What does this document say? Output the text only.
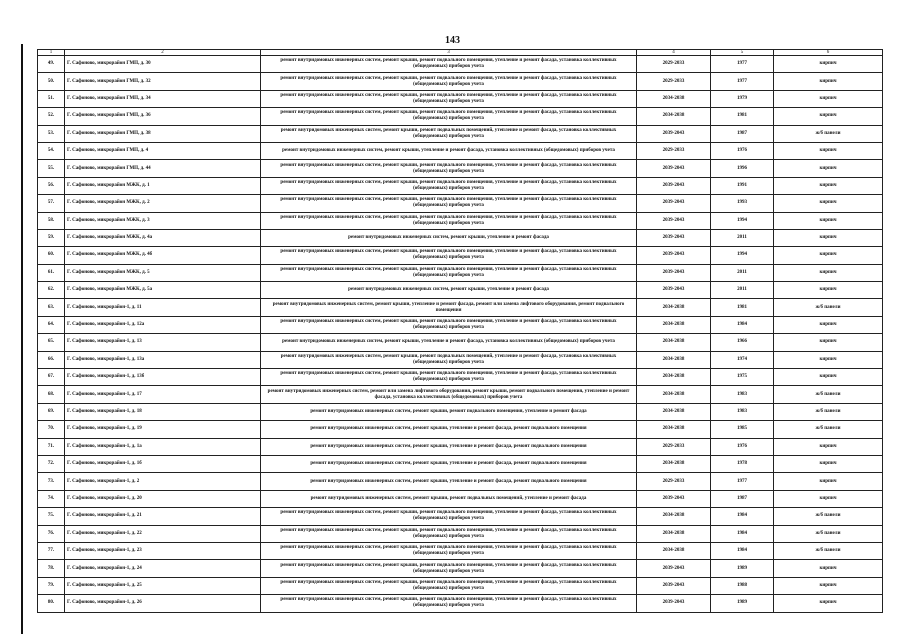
143
1	2	3	4	5	6
49.	Г. Сафоново, микрорайон ГМП, д. 30	ремонт внутридомовых инженерных систем, ремонт крыши, ремонт подвального помещения, утепление и ремонт фасада, установка коллективных (общедомовых) приборов учета	2029-2033	1977	кирпич
50.	Г. Сафоново, микрорайон ГМП, д. 32	ремонт внутридомовых инженерных систем, ремонт крыши, ремонт подвального помещения, утепление и ремонт фасада, установка коллективных (общедомовых) приборов учета	2029-2033	1977	кирпич
51.	Г. Сафоново, микрорайон ГМП, д. 34	ремонт внутридомовых инженерных систем, ремонт крыши, ремонт подвального помещения, утепление и ремонт фасада, установка коллективных (общедомовых) приборов учета	2034-2038	1979	кирпич
52.	Г. Сафоново, микрорайон ГМП, д. 36	ремонт внутридомовых инженерных систем, ремонт крыши, ремонт подвального помещения, утепление и ремонт фасада, установка коллективных (общедомовых) приборов учета	2034-2038	1981	кирпич
53.	Г. Сафоново, микрорайон ГМП, д. 38	ремонт внутридомовых инженерных систем, ремонт крыши, ремонт подвальных помещений, утепление и ремонт фасада, установка коллективных (общедомовых) приборов учета	2039-2043	1987	ж/б панели
54.	Г. Сафоново, микрорайон ГМП, д. 4	ремонт внутридомовых инженерных систем, ремонт крыши, утепление и ремонт фасада, установка коллективных (общедомовых) приборов учета	2029-2033	1976	кирпич
55.	Г. Сафоново, микрорайон ГМП, д. 44	ремонт внутридомовых инженерных систем, ремонт крыши, ремонт подвального помещения, утепление и ремонт фасада, установка коллективных (общедомовых) приборов учета	2039-2043	1996	кирпич
56.	Г. Сафоново, микрорайон МЖК, д. 1	ремонт внутридомовых инженерных систем, ремонт крыши, ремонт подвального помещения, утепление и ремонт фасада, установка коллективных (общедомовых) приборов учета	2039-2043	1991	кирпич
57.	Г. Сафоново, микрорайон МЖК, д. 2	ремонт внутридомовых инженерных систем, ремонт крыши, ремонт подвального помещения, утепление и ремонт фасада, установка коллективных (общедомовых) приборов учета	2039-2043	1993	кирпич
58.	Г. Сафоново, микрорайон МЖК, д. 3	ремонт внутридомовых инженерных систем, ремонт крыши, ремонт подвального помещения, утепление и ремонт фасада, установка коллективных (общедомовых) приборов учета	2039-2043	1994	кирпич
59.	Г. Сафоново, микрорайон МЖК, д. 4а	ремонт внутридомовых инженерных систем, ремонт крыши, утепление и ремонт фасада	2039-2043	2011	кирпич
60.	Г. Сафоново, микрорайон МЖК, д. 4б	ремонт внутридомовых инженерных систем, ремонт крыши, ремонт подвального помещения, утепление и ремонт фасада, установка коллективных (общедомовых) приборов учета	2039-2043	1994	кирпич
61.	Г. Сафоново, микрорайон МЖК, д. 5	ремонт внутридомовых инженерных систем, ремонт крыши, ремонт подвального помещения, утепление и ремонт фасада, установка коллективных (общедомовых) приборов учета	2039-2043	2011	кирпич
62.	Г. Сафоново, микрорайон МЖК, д. 5а	ремонт внутридомовых инженерных систем, ремонт крыши, утепление и ремонт фасада	2039-2043	2011	кирпич
63.	Г. Сафоново, микрорайон-1, д. 11	ремонт внутридомовых инженерных систем, ремонт крыши, утепление и ремонт фасада, ремонт или замена лифтового оборудования, ремонт подвального помещения	2034-2038	1981	ж/б панели
64.	Г. Сафоново, микрорайон-1, д. 12а	ремонт внутридомовых инженерных систем, ремонт крыши, ремонт подвального помещения, утепление и ремонт фасада, установка коллективных (общедомовых) приборов учета	2034-2038	1984	кирпич
65.	Г. Сафоново, микрорайон-1, д. 13	ремонт внутридомовых инженерных систем, ремонт крыши, утепление и ремонт фасада, установка коллективных (общедомовых) приборов учета	2034-2038	1966	кирпич
66.	Г. Сафоново, микрорайон-1, д. 13а	ремонт внутридомовых инженерных систем, ремонт крыши, ремонт подвальных помещений, утепление и ремонт фасада, установка коллективных (общедомовых) приборов учета	2034-2038	1974	кирпич
67.	Г. Сафоново, микрорайон-1, д. 13б	ремонт внутридомовых инженерных систем, ремонт крыши, ремонт подвального помещения, утепление и ремонт фасада, установка коллективных (общедомовых) приборов учета	2034-2038	1975	кирпич
68.	Г. Сафоново, микрорайон-1, д. 17	ремонт внутридомовых инженерных систем, ремонт или замена лифтового оборудования, ремонт крыши, ремонт подвального помещения, утепление и ремонт фасада, установка коллективных (общедомовых) приборов учета	2034-2038	1983	ж/б панели
69.	Г. Сафоново, микрорайон-1, д. 18	ремонт внутридомовых инженерных систем, ремонт крыши, ремонт подвального помещения, утепление и ремонт фасада	2034-2038	1983	ж/б панели
70.	Г. Сафоново, микрорайон-1, д. 19	ремонт внутридомовых инженерных систем, ремонт крыши, утепление и ремонт фасада, ремонт подвального помещения	2034-2038	1985	ж/б панели
71.	Г. Сафоново, микрорайон-1, д. 1а	ремонт внутридомовых инженерных систем, ремонт крыши, утепление и ремонт фасада, ремонт подвального помещения	2029-2033	1976	кирпич
72.	Г. Сафоново, микрорайон-1, д. 1б	ремонт внутридомовых инженерных систем, ремонт крыши, утепление и ремонт фасада, ремонт подвального помещения	2034-2038	1978	кирпич
73.	Г. Сафоново, микрорайон-1, д. 2	ремонт внутридомовых инженерных систем, ремонт крыши, утепление и ремонт фасада, ремонт подвального помещения	2029-2033	1977	кирпич
74.	Г. Сафоново, микрорайон-1, д. 20	ремонт внутридомовых инженерных систем, ремонт крыши, ремонт подвальных помещений, утепление и ремонт фасада	2039-2043	1987	кирпич
75.	Г. Сафоново, микрорайон-1, д. 21	ремонт внутридомовых инженерных систем, ремонт крыши, ремонт подвального помещения, утепление и ремонт фасада, установка коллективных (общедомовых) приборов учета	2034-2038	1984	ж/б панели
76.	Г. Сафоново, микрорайон-1, д. 22	ремонт внутридомовых инженерных систем, ремонт крыши, ремонт подвального помещения, утепление и ремонт фасада, установка коллективных (общедомовых) приборов учета	2034-2038	1984	ж/б панели
77.	Г. Сафоново, микрорайон-1, д. 23	ремонт внутридомовых инженерных систем, ремонт крыши, ремонт подвального помещения, утепление и ремонт фасада, установка коллективных (общедомовых) приборов учета	2034-2038	1984	ж/б панели
78.	Г. Сафоново, микрорайон-1, д. 24	ремонт внутридомовых инженерных систем, ремонт крыши, ремонт подвального помещения, утепление и ремонт фасада, установка коллективных (общедомовых) приборов учета	2039-2043	1989	кирпич
79.	Г. Сафоново, микрорайон-1, д. 25	ремонт внутридомовых инженерных систем, ремонт крыши, ремонт подвального помещения, утепление и ремонт фасада, установка коллективных (общедомовых) приборов учета	2039-2043	1988	кирпич
80.	Г. Сафоново, микрорайон-1, д. 26	ремонт внутридомовых инженерных систем, ремонт крыши, ремонт подвального помещения, утепление и ремонт фасада, установка коллективных (общедомовых) приборов учета	2039-2043	1989	кирпич
